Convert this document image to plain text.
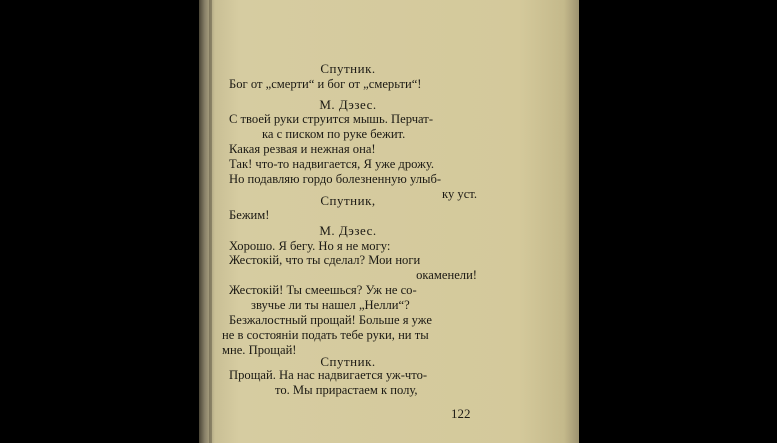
Спутник.
Бог от „смерти“ и бог от „смерьти“!
М. Дэзес.
С твоей руки струится мышь. Перчат-
ка с писком по руке бежит.
Какая резвая и нежная она!
Так! что-то надвигается, Я уже дрожу.
Но подавляю гордо болезненную улыб-
ку уст.
Спутник,
Бежим!
М. Дэзес.
Хорошо. Я бегу. Но я не могу:
Жестокій, что ты сделал? Мои ноги
окаменели!
Жестокій! Ты смеешься? Уж не со-
звучье ли ты нашел „Нелли“?
Безжалостный прощай! Больше я уже
не в состояніи подать тебе руки, ни ты
мне. Прощай!
Спутник.
Прощай. На нас надвигается уж-что-
то. Мы прирастаем к полу,
122
